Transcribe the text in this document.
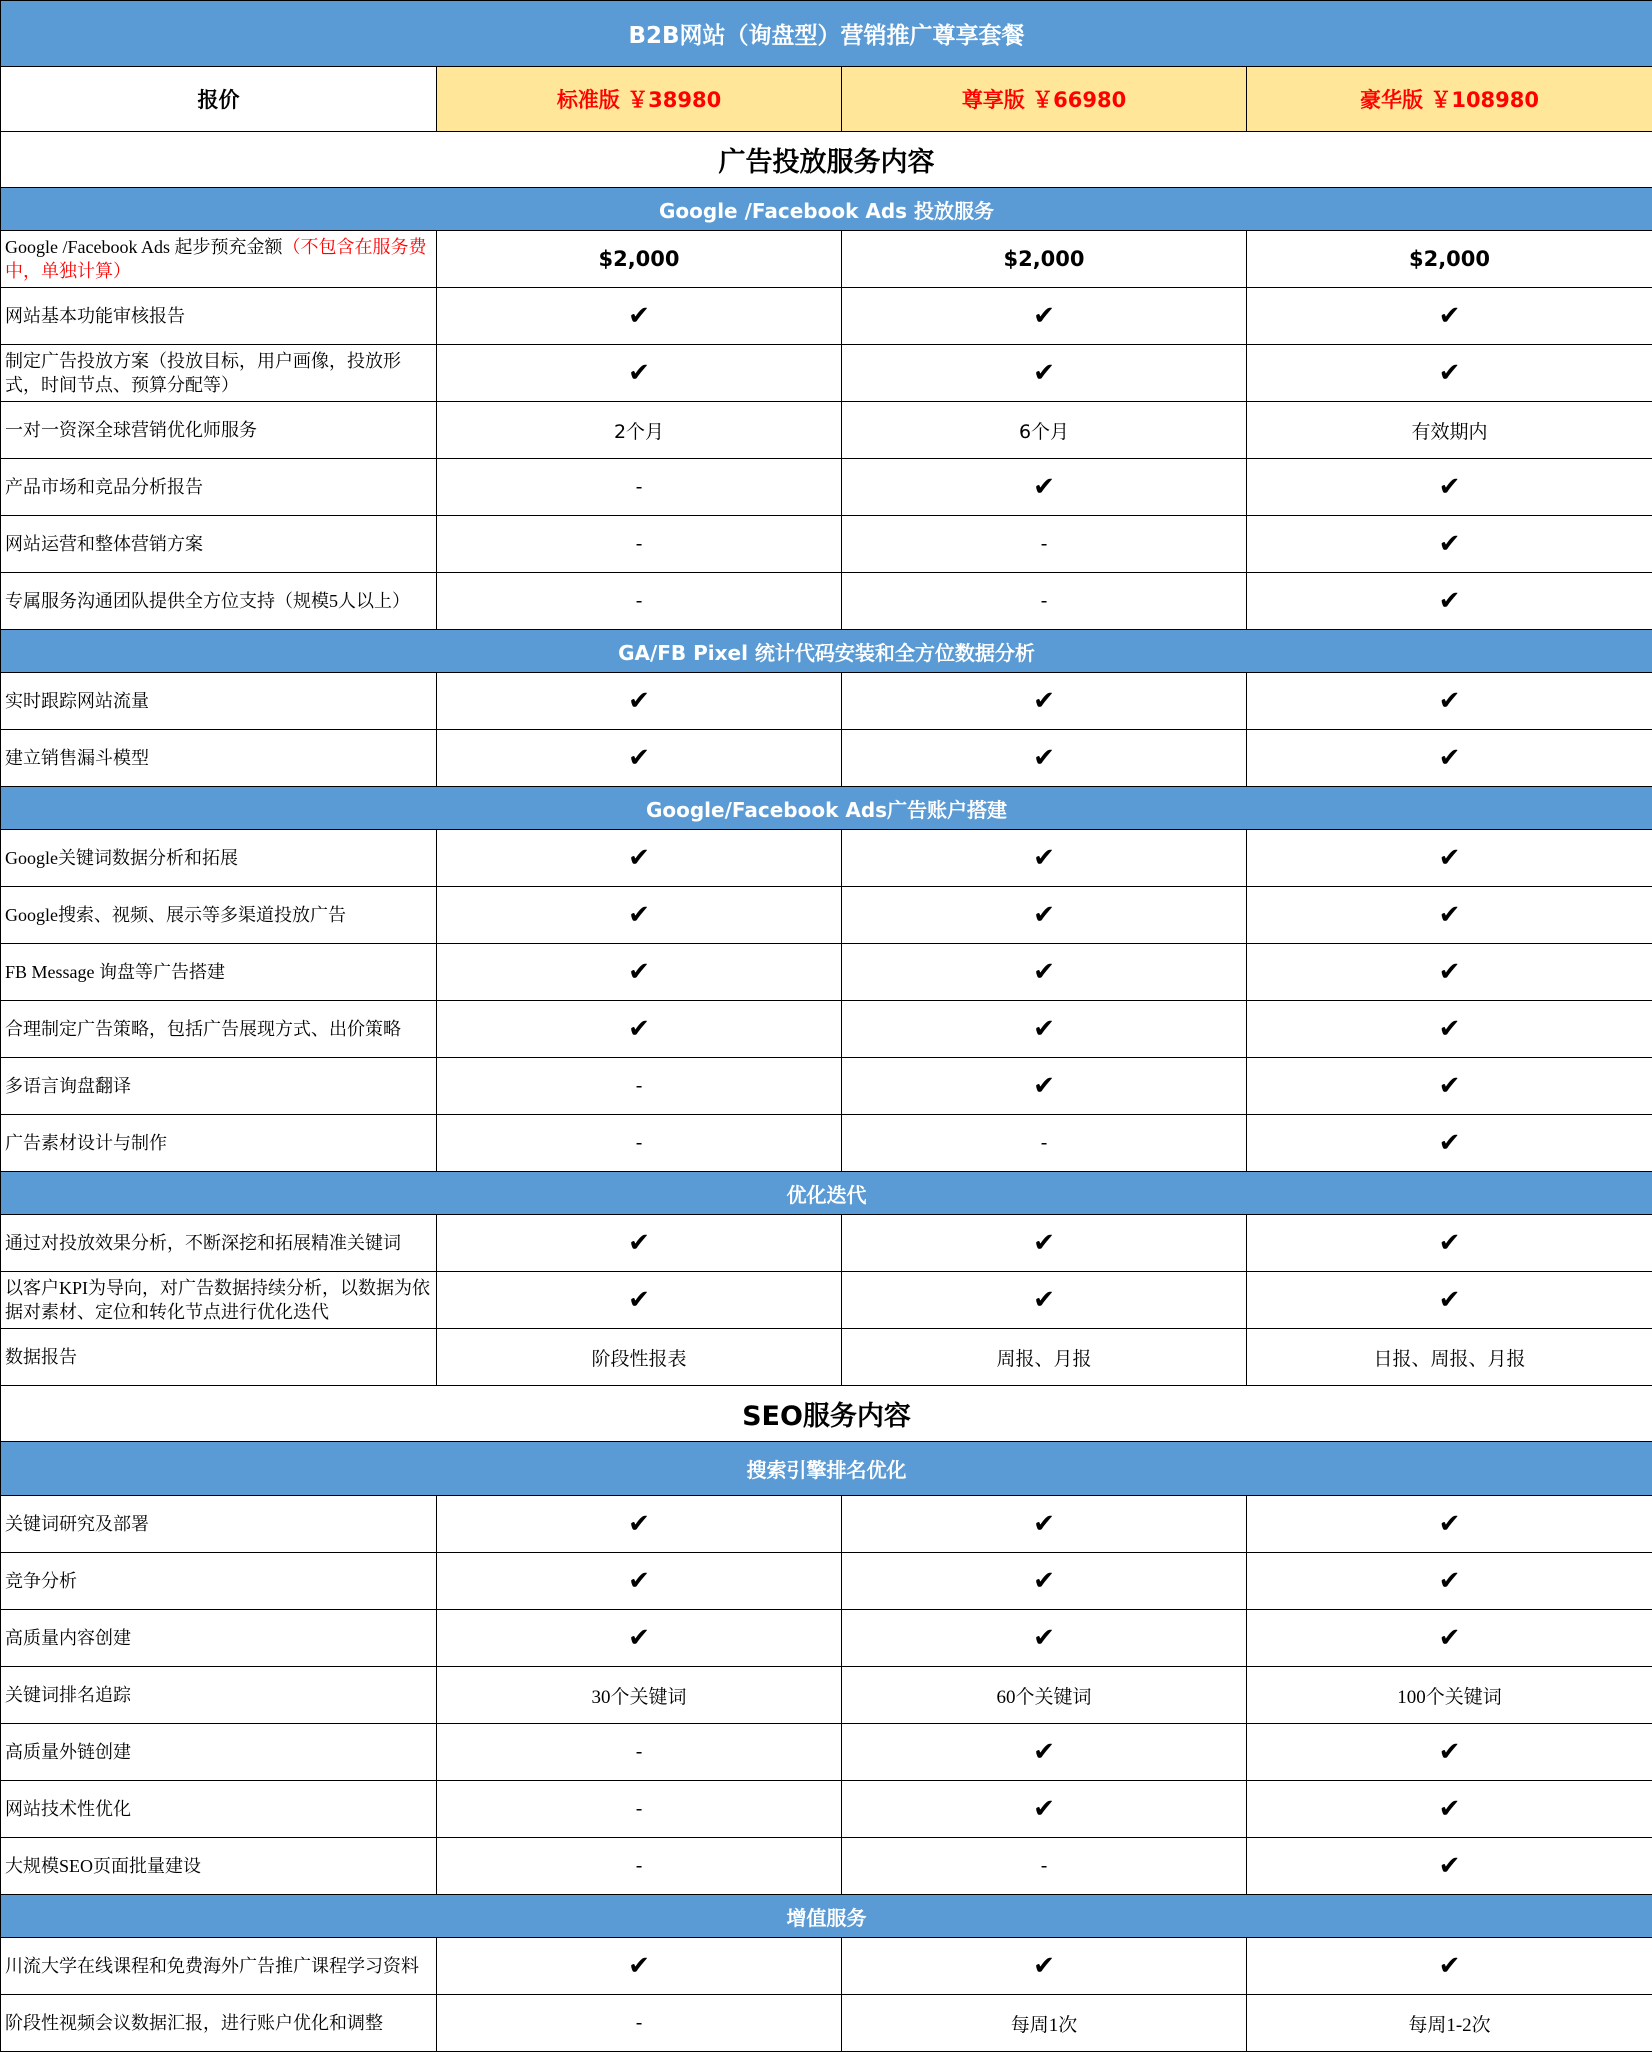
B2B网站（询盘型）营销推广尊享套餐			
报价	标准版 ￥38980	尊享版 ￥66980	豪华版 ￥108980
广告投放服务内容			
Google /Facebook Ads 投放服务			
Google /Facebook Ads 起步预充金额（不包含在服务费中，单独计算）	$2,000	$2,000	$2,000
网站基本功能审核报告	✔	✔	✔
制定广告投放方案（投放目标，用户画像，投放形式，时间节点、预算分配等）	✔	✔	✔
一对一资深全球营销优化师服务	2个月	6个月	有效期内
产品市场和竞品分析报告	-	✔	✔
网站运营和整体营销方案	-	-	✔
专属服务沟通团队提供全方位支持（规模5人以上）	-	-	✔
GA/FB Pixel 统计代码安装和全方位数据分析			
实时跟踪网站流量	✔	✔	✔
建立销售漏斗模型	✔	✔	✔
Google/Facebook Ads广告账户搭建			
Google关键词数据分析和拓展	✔	✔	✔
Google搜索、视频、展示等多渠道投放广告	✔	✔	✔
FB Message 询盘等广告搭建	✔	✔	✔
合理制定广告策略，包括广告展现方式、出价策略	✔	✔	✔
多语言询盘翻译	-	✔	✔
广告素材设计与制作	-	-	✔
优化迭代			
通过对投放效果分析，不断深挖和拓展精准关键词	✔	✔	✔
以客户KPI为导向，对广告数据持续分析，以数据为依据对素材、定位和转化节点进行优化迭代	✔	✔	✔
数据报告	阶段性报表	周报、月报	日报、周报、月报
SEO服务内容			
搜索引擎排名优化			
关键词研究及部署	✔	✔	✔
竞争分析	✔	✔	✔
高质量内容创建	✔	✔	✔
关键词排名追踪	30个关键词	60个关键词	100个关键词
高质量外链创建	-	✔	✔
网站技术性优化	-	✔	✔
大规模SEO页面批量建设	-	-	✔
增值服务			
川流大学在线课程和免费海外广告推广课程学习资料	✔	✔	✔
阶段性视频会议数据汇报，进行账户优化和调整	-	每周1次	每周1-2次
